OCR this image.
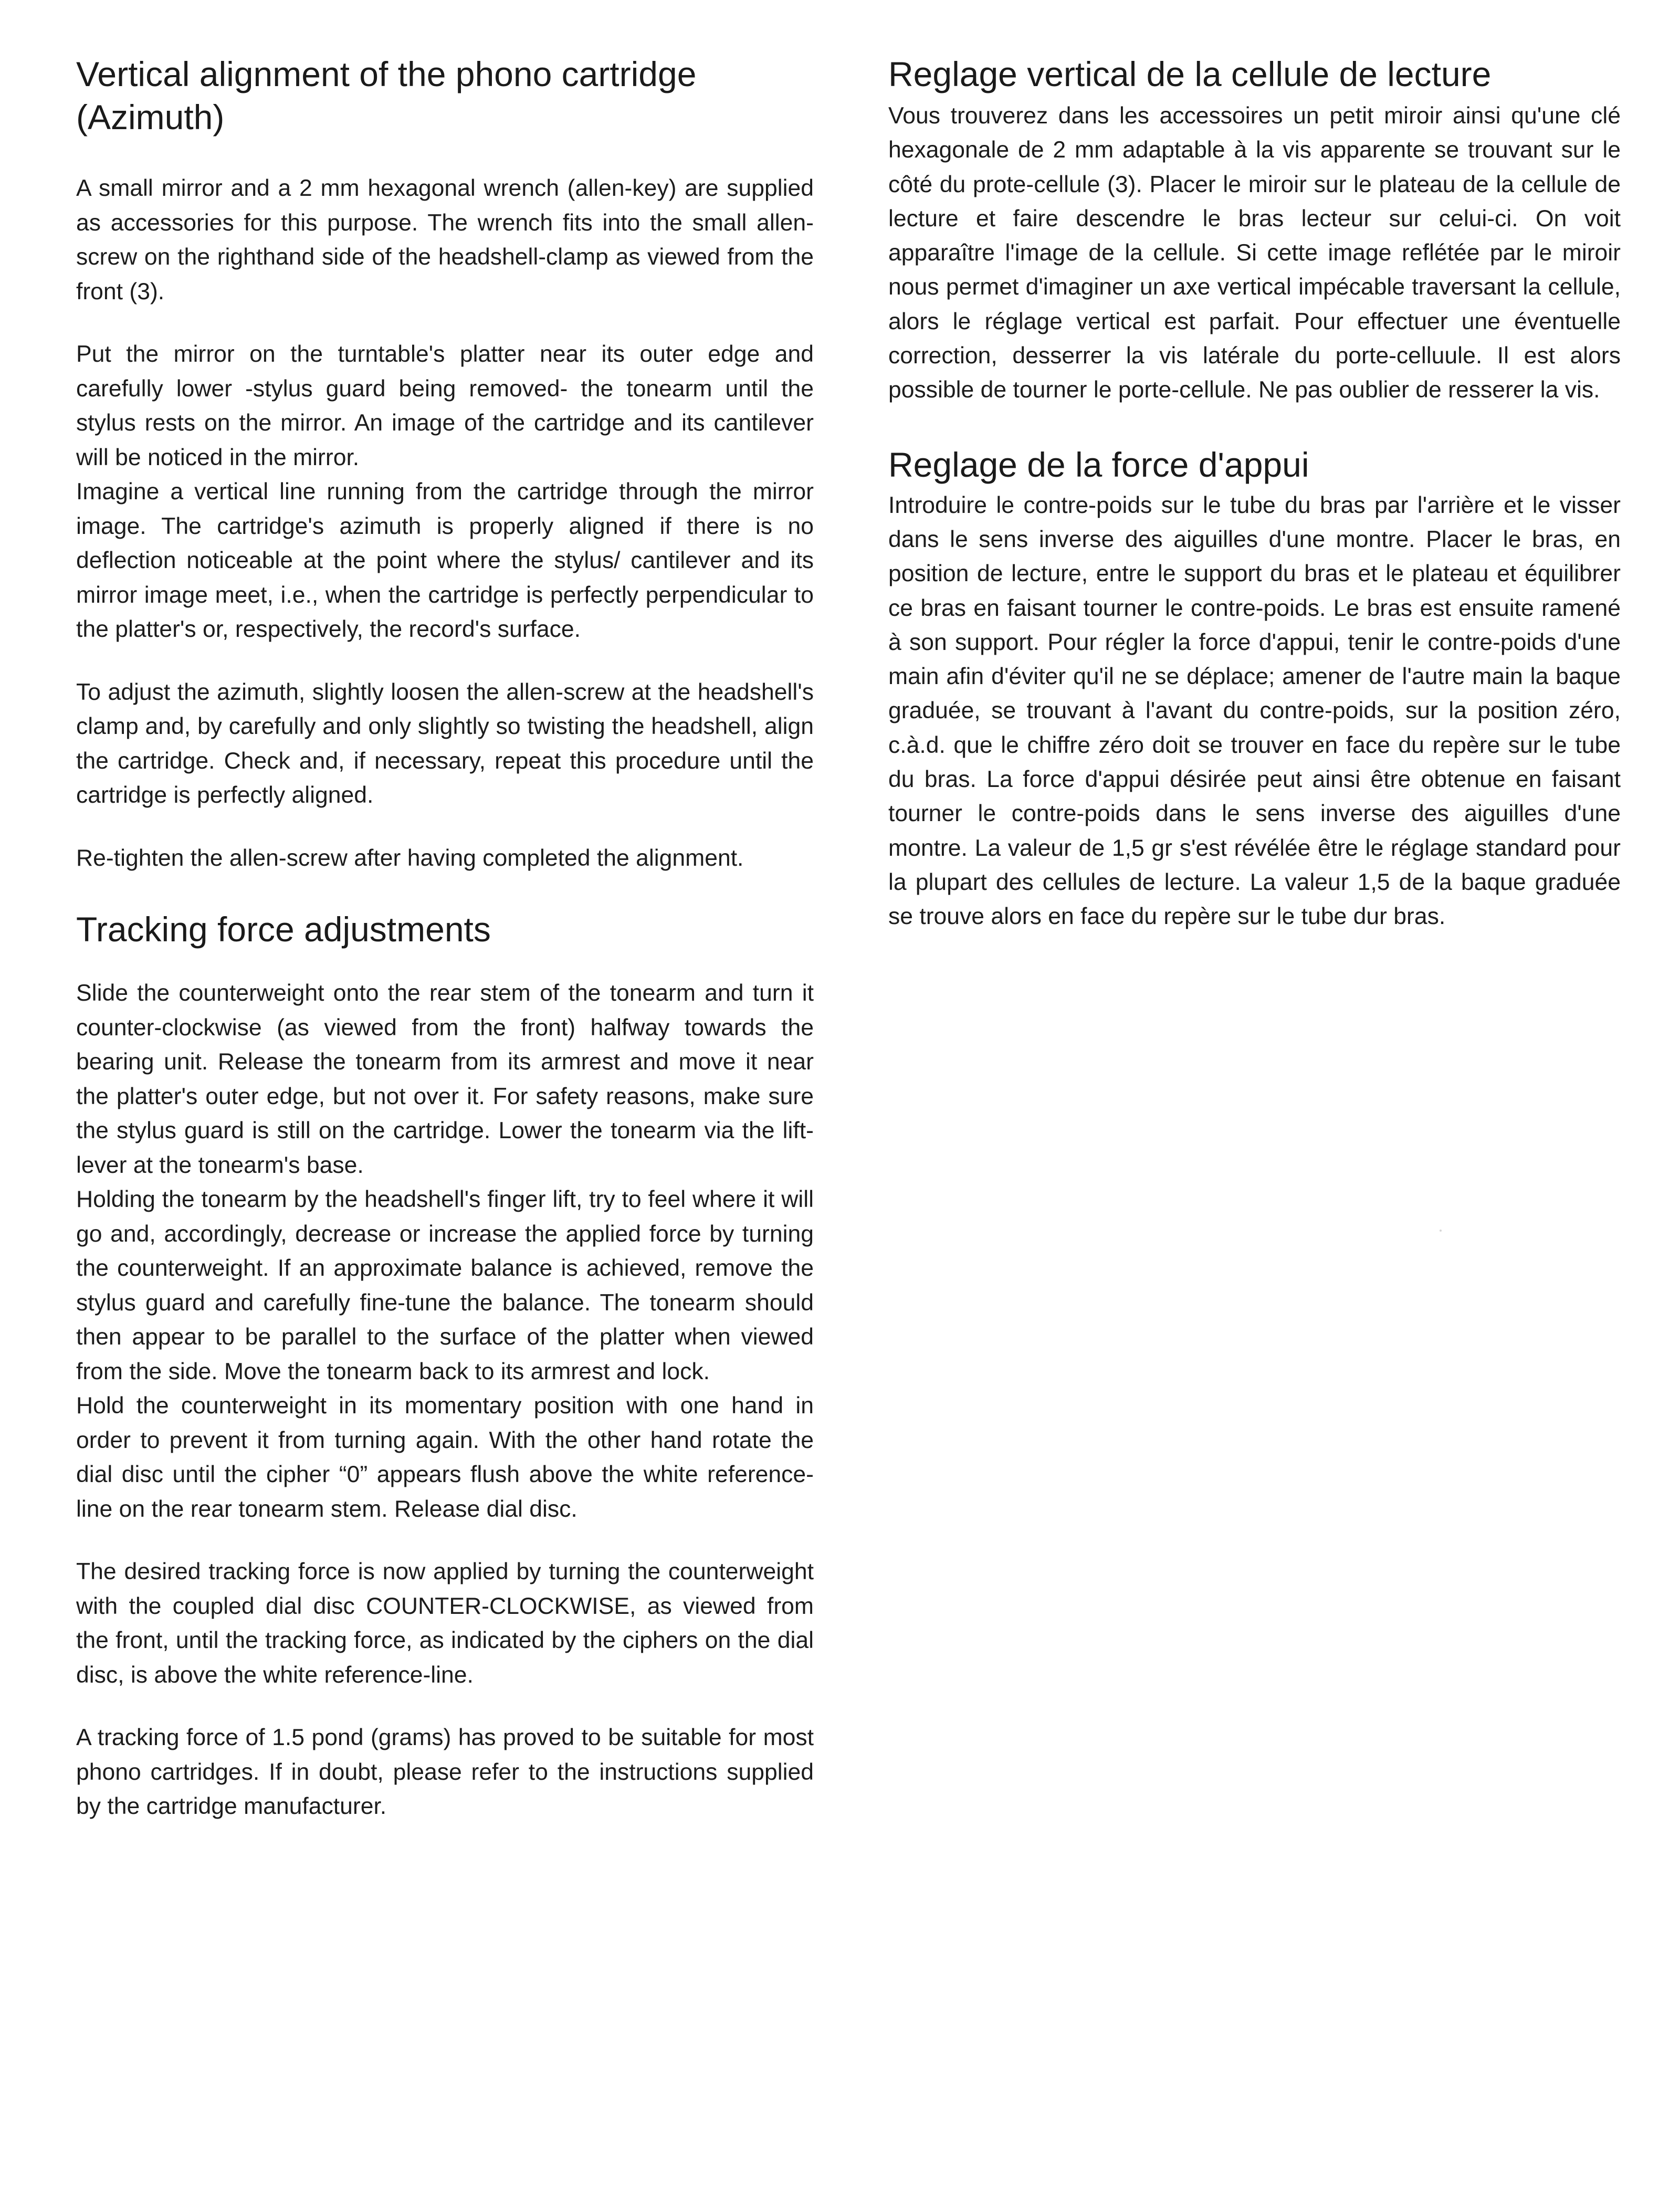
Vertical alignment of the phono cartridge (Azimuth)

A small mirror and a 2 mm hexagonal wrench (allen-key) are supplied as accessories for this purpose. The wrench fits into the small allen-screw on the righthand side of the headshell-clamp as viewed from the front (3).

Put the mirror on the turntable's platter near its outer edge and carefully lower -stylus guard being removed- the tonearm until the stylus rests on the mirror. An image of the cartridge and its cantilever will be noticed in the mirror.

Imagine a vertical line running from the cartridge through the mirror image. The cartridge's azimuth is properly aligned if there is no deflection noticeable at the point where the stylus/ cantilever and its mirror image meet, i.e., when the cartridge is perfectly perpendicular to the platter's or, respectively, the record's surface.

To adjust the azimuth, slightly loosen the allen-screw at the headshell's clamp and, by carefully and only slightly so twisting the headshell, align the cartridge. Check and, if necessary, repeat this procedure until the cartridge is perfectly aligned.

Re-tighten the allen-screw after having completed the alignment.

Tracking force adjustments

Slide the counterweight onto the rear stem of the tonearm and turn it counter-clockwise (as viewed from the front) halfway towards the bearing unit. Release the tonearm from its armrest and move it near the platter's outer edge, but not over it. For safety reasons, make sure the stylus guard is still on the cartridge. Lower the tonearm via the lift-lever at the tonearm's base.

Holding the tonearm by the headshell's finger lift, try to feel where it will go and, accordingly, decrease or increase the applied force by turning the counterweight. If an approximate balance is achieved, remove the stylus guard and carefully fine-tune the balance. The tonearm should then appear to be parallel to the surface of the platter when viewed from the side. Move the tonearm back to its armrest and lock.

Hold the counterweight in its momentary position with one hand in order to prevent it from turning again. With the other hand rotate the dial disc until the cipher “0” appears flush above the white reference-line on the rear tonearm stem. Release dial disc.

The desired tracking force is now applied by turning the counterweight with the coupled dial disc COUNTER-CLOCKWISE, as viewed from the front, until the tracking force, as indicated by the ciphers on the dial disc, is above the white reference-line.

A tracking force of 1.5 pond (grams) has proved to be suitable for most phono cartridges. If in doubt, please refer to the instructions supplied by the cartridge manufacturer.

Reglage vertical de la cellule de lecture

Vous trouverez dans les accessoires un petit miroir ainsi qu'une clé hexagonale de 2 mm adaptable à la vis apparente se trouvant sur le côté du prote-cellule (3). Placer le miroir sur le plateau de la cellule de lecture et faire descendre le bras lecteur sur celui-ci. On voit apparaître l'image de la cellule. Si cette image reflétée par le miroir nous permet d'imaginer un axe vertical impécable traversant la cellule, alors le réglage vertical est parfait. Pour effectuer une éventuelle correction, desserrer la vis latérale du porte-celluule. Il est alors possible de tourner le porte-cellule. Ne pas oublier de resserer la vis.

Reglage de la force d'appui

Introduire le contre-poids sur le tube du bras par l'arrière et le visser dans le sens inverse des aiguilles d'une montre. Placer le bras, en position de lecture, entre le support du bras et le plateau et équilibrer ce bras en faisant tourner le contre-poids. Le bras est ensuite ramené à son support. Pour régler la force d'appui, tenir le contre-poids d'une main afin d'éviter qu'il ne se déplace; amener de l'autre main la baque graduée, se trouvant à l'avant du contre-poids, sur la position zéro, c.à.d. que le chiffre zéro doit se trouver en face du repère sur le tube du bras. La force d'appui désirée peut ainsi être obtenue en faisant tourner le contre-poids dans le sens inverse des aiguilles d'une montre. La valeur de 1,5 gr s'est révélée être le réglage standard pour la plupart des cellules de lecture. La valeur 1,5 de la baque graduée se trouve alors en face du repère sur le tube dur bras.
